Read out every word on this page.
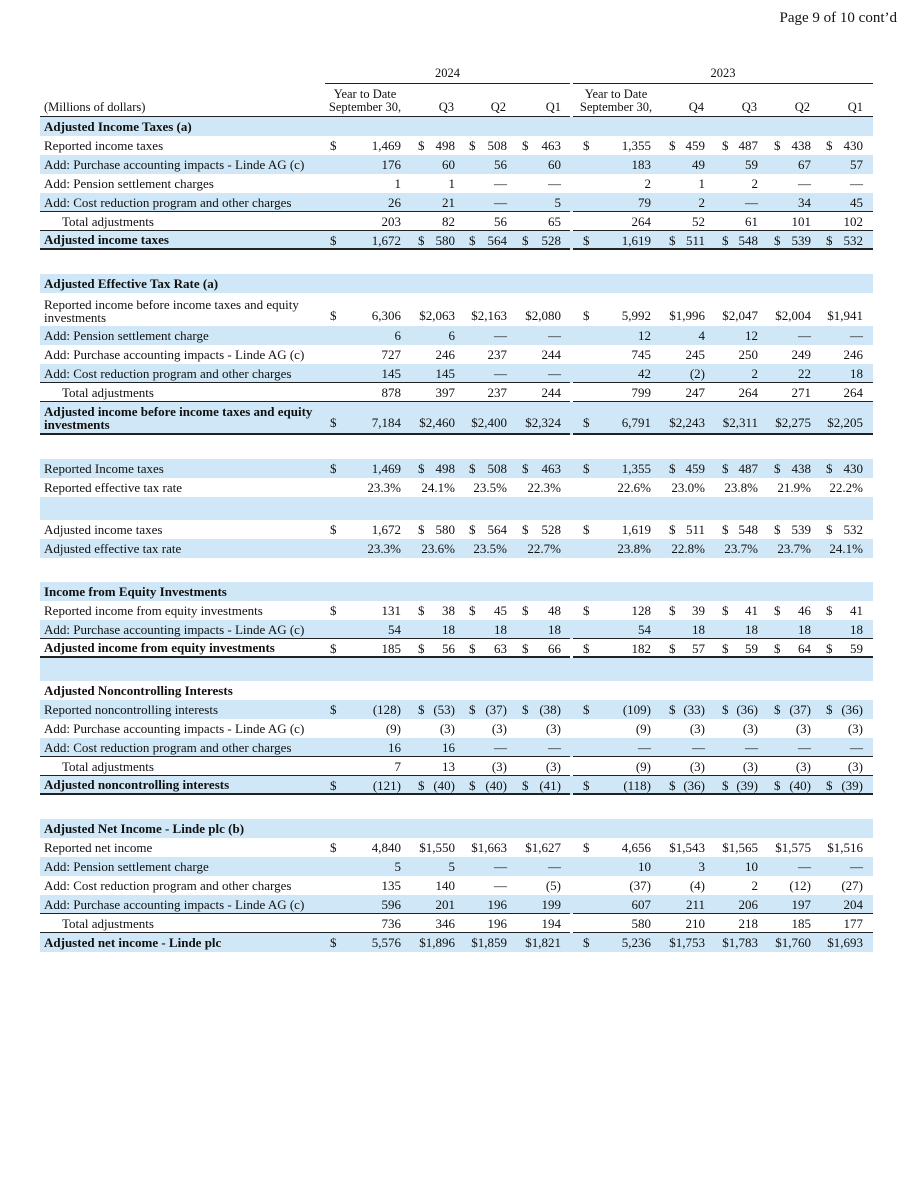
Page 9 of 10 cont’d
2024	2023
(Millions of dollars)
Year to Date
September 30,	Q3	Q2	Q1
Year to Date
September 30,	Q4	Q3	Q2	Q1
Adjusted Income Taxes (a)
Reported income taxes	$	1,469 $ 498 $ 508 $ 463 $ 1,355 $ 459 $ 487 $ 438 $ 430
Add: Purchase accounting impacts - Linde AG (c)	176	60	56	60	183	49	59	67	57
Add: Pension settlement charges	1	1	—	—	2	1	2	—	—
Add: Cost reduction program and other charges	26	21	—	5	79	2	—	34	45
Total adjustments	203	82	56	65	264	52	61	101	102
Adjusted income taxes	$	1,672 $ 580 $ 564 $ 528 $ 1,619 $ 511 $ 548 $ 539 $ 532
Adjusted Effective Tax Rate (a)
Reported income before income taxes and equity investments	$	6,306 $2,063 $2,163 $2,080 $ 5,992 $1,996 $2,047 $2,004 $1,941
Add: Pension settlement charge	6	6	—	—	12	4	12	—	—
Add: Purchase accounting impacts - Linde AG (c)	727	246	237	244	745	245	250	249	246
Add: Cost reduction program and other charges	145	145	—	—	42	(2)	2	22	18
Total adjustments	878	397	237	244	799	247	264	271	264
Adjusted income before income taxes and equity investments	$	7,184 $2,460 $2,400 $2,324 $ 6,791 $2,243 $2,311 $2,275 $2,205
Reported Income taxes	$	1,469 $ 498 $ 508 $ 463 $ 1,355 $ 459 $ 487 $ 438 $ 430
Reported effective tax rate	23.3% 24.1% 23.5% 22.3%	22.6% 23.0% 23.8% 21.9% 22.2%
Adjusted income taxes	$	1,672 $ 580 $ 564 $ 528 $ 1,619 $ 511 $ 548 $ 539 $ 532
Adjusted effective tax rate	23.3% 23.6% 23.5% 22.7%	23.8% 22.8% 23.7% 23.7% 24.1%
Income from Equity Investments
Reported income from equity investments	$	131 $ 38 $ 45 $ 48 $	128 $ 39 $ 41 $ 46 $ 41
Add: Purchase accounting impacts - Linde AG (c)	54	18	18	18	54	18	18	18	18
Adjusted income from equity investments	$	185 $ 56 $ 63 $ 66 $	182 $ 57 $ 59 $ 64 $ 59
Adjusted Noncontrolling Interests
Reported noncontrolling interests	$	(128) $ (53) $ (37) $ (38) $	(109) $ (33) $ (36) $ (37) $ (36)
Add: Purchase accounting impacts - Linde AG (c)	(9)	(3)	(3)	(3)	(9)	(3)	(3)	(3)	(3)
Add: Cost reduction program and other charges	16	16	—	—	—	—	—	—	—
Total adjustments	7	13	(3)	(3)	(9)	(3)	(3)	(3)	(3)
Adjusted noncontrolling interests	$	(121) $ (40) $ (40) $ (41) $	(118) $ (36) $ (39) $ (40) $ (39)
Adjusted Net Income - Linde plc (b)
Reported net income	$	4,840 $1,550 $1,663 $1,627 $ 4,656 $1,543 $1,565 $1,575 $1,516
Add: Pension settlement charge	5	5	—	—	10	3	10	—	—
Add: Cost reduction program and other charges	135	140	—	(5)	(37)	(4)	2 (12) (27)
Add: Purchase accounting impacts - Linde AG (c)	596	201	196	199	607	211	206	197	204
Total adjustments	736	346	196	194	580	210	218	185	177
Adjusted net income - Linde plc	$	5,576 $1,896 $1,859 $1,821 $ 5,236 $1,753 $1,783 $1,760 $1,693
